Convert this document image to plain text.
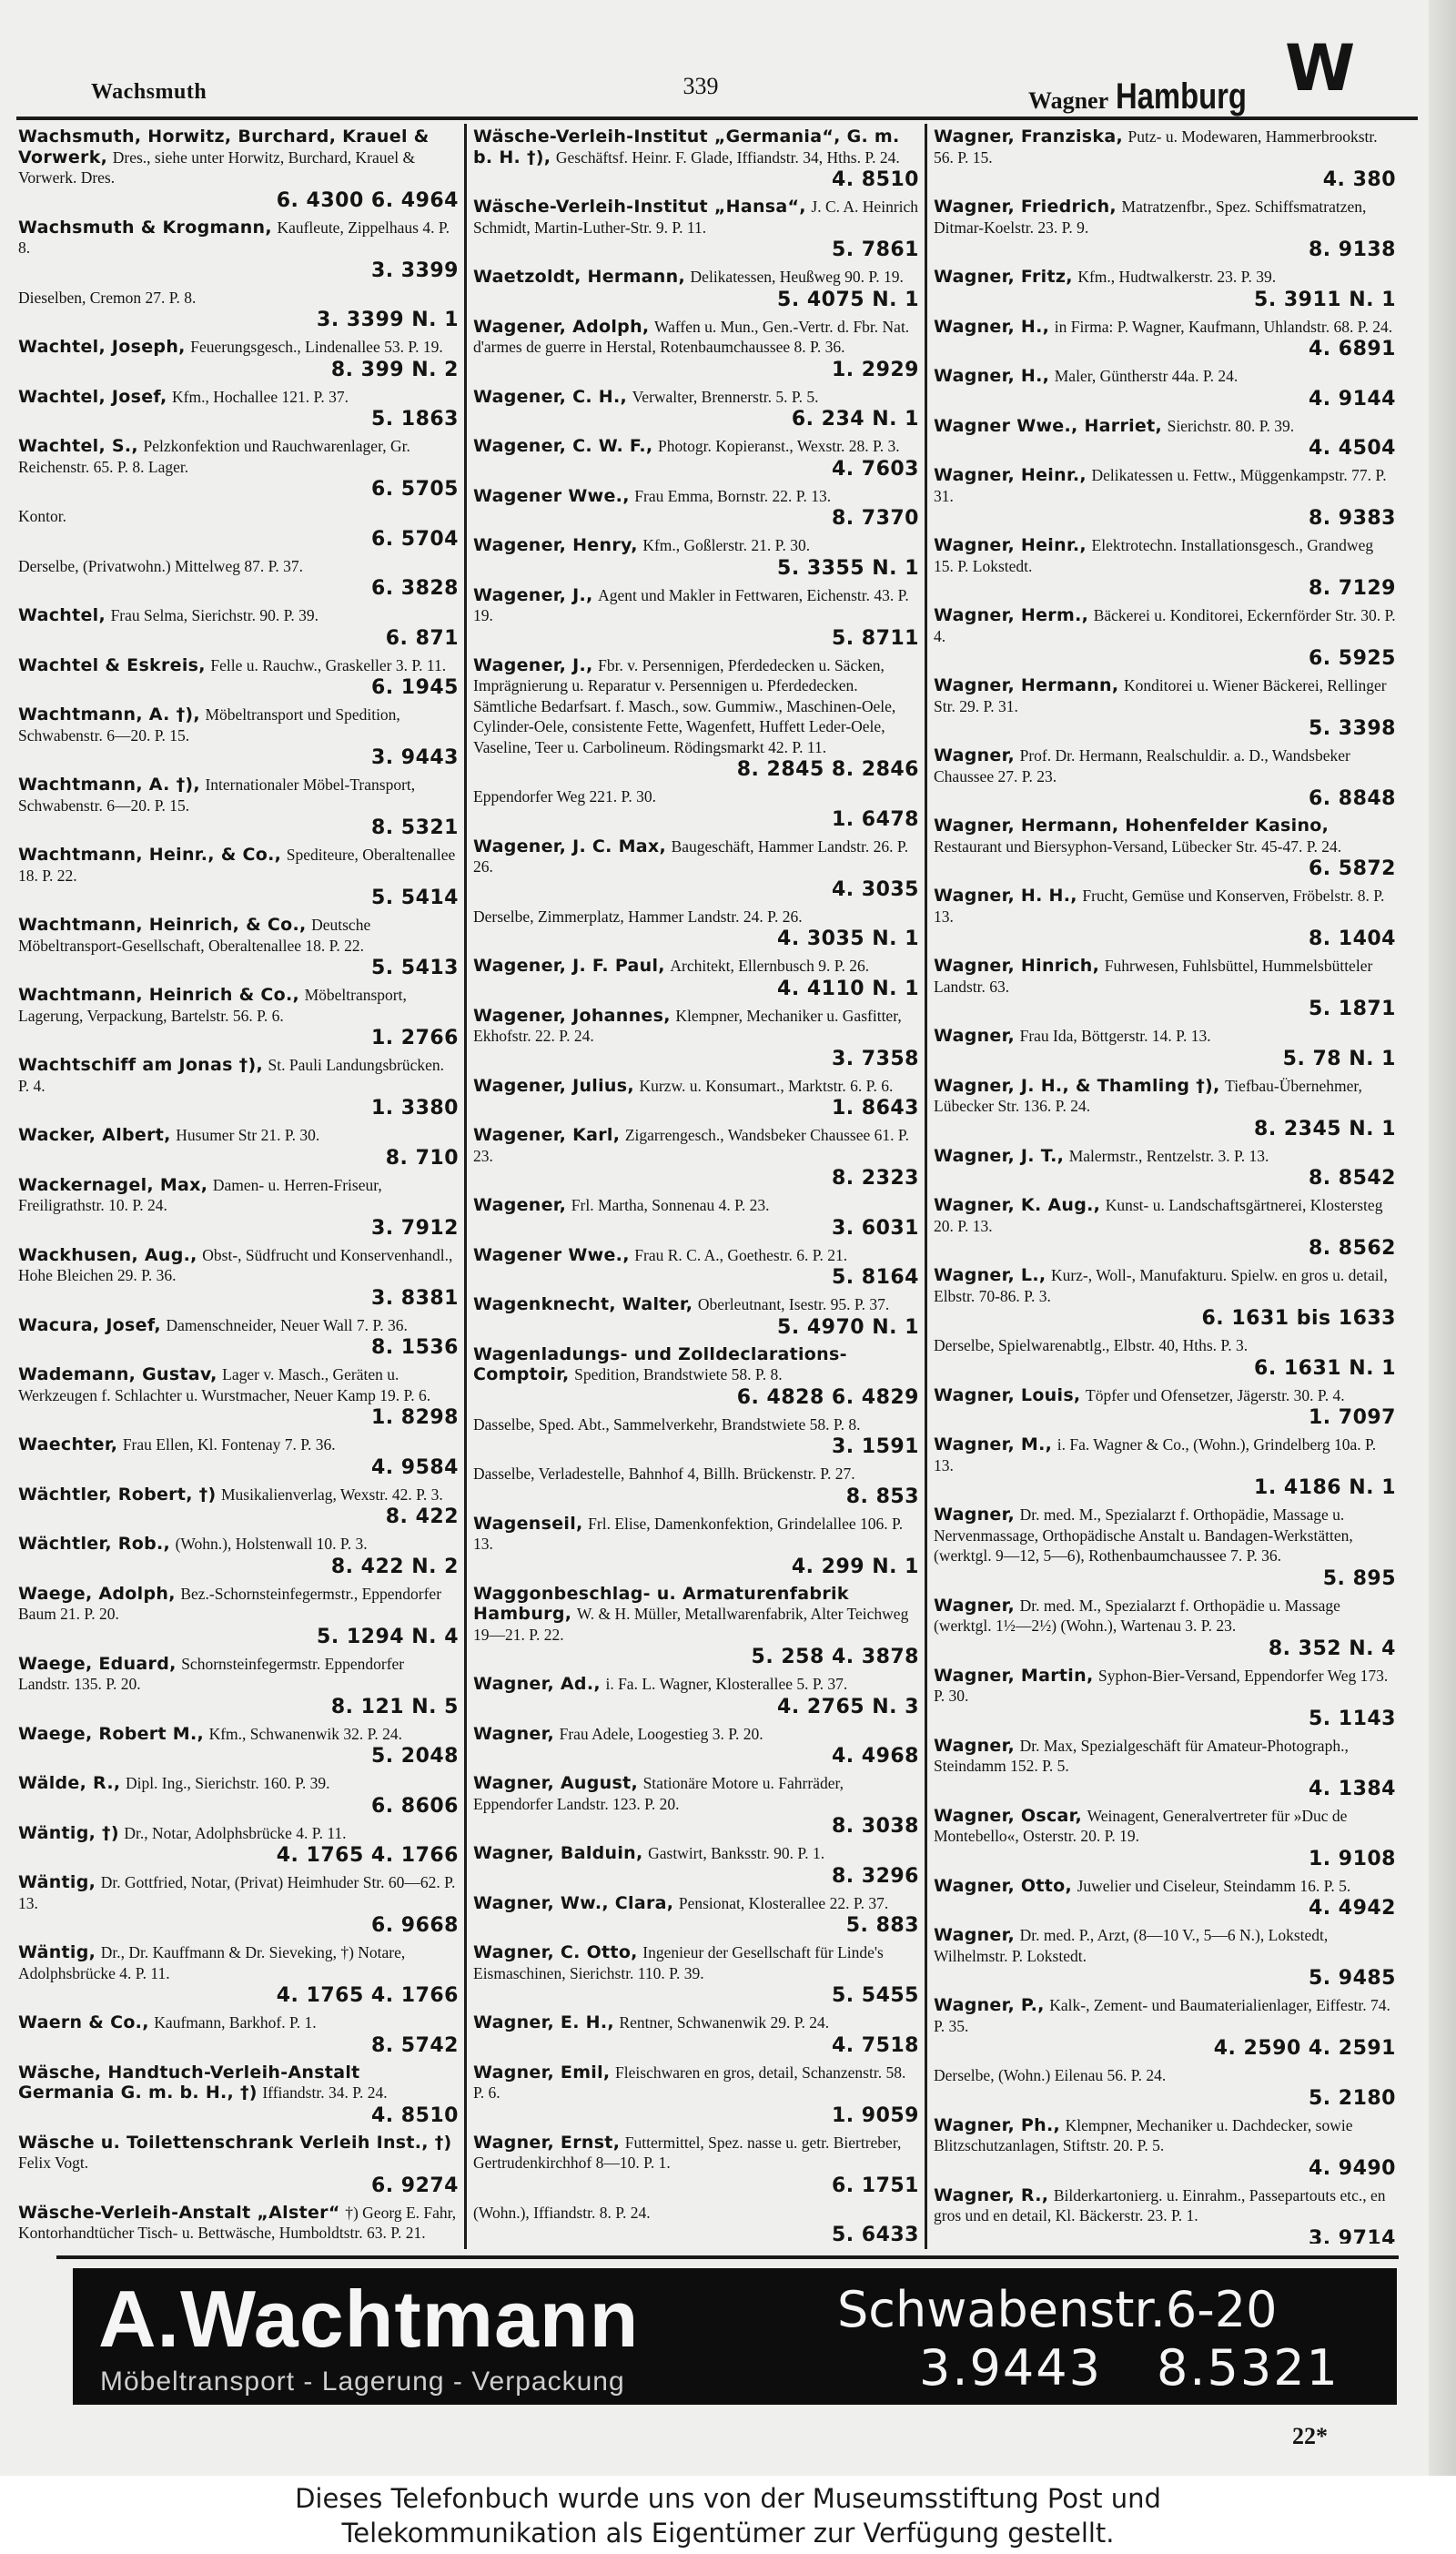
Wachsmuth	339
Wagner Hamburg W
Wachsmuth, Horwitz, Burchard, Krauel & Vorwerk, Dres., siehe unter Horwitz, Burchard, Krauel & Vorwerk. Dres.
6. 4300 6. 4964
Wachsmuth & Krogmann, Kaufleute, Zippelhaus 4. P. 8.
3. 3399
Dieselben, Cremon 27. P. 8.
3. 3399 N. 1
Wachtel, Joseph, Feuerungsgesch., Lindenallee 53. P. 19.
8. 399 N. 2
Wachtel, Josef, Kfm., Hochallee 121. P. 37.
5. 1863
Wachtel, S., Pelzkonfektion und Rauchwarenlager, Gr. Reichenstr. 65. P. 8. Lager.
6. 5705
Kontor.
6. 5704
Derselbe, (Privatwohn.) Mittelweg 87. P. 37.
6. 3828
Wachtel, Frau Selma, Sierichstr. 90. P. 39.
6. 871
Wachtel & Eskreis, Felle u. Rauchw., Graskeller 3. P. 11.
6. 1945
Wachtmann, A. †), Möbeltransport und Spedition, Schwabenstr. 6—20. P. 15.
3. 9443
Wachtmann, A. †), Internationaler Möbel-Transport, Schwabenstr. 6—20. P. 15.
8. 5321
Wachtmann, Heinr., & Co., Spediteure, Oberaltenallee 18. P. 22.
5. 5414
Wachtmann, Heinrich, & Co., Deutsche Möbeltransport-Gesellschaft, Oberaltenallee 18. P. 22.
5. 5413
Wachtmann, Heinrich & Co., Möbeltransport, Lagerung, Verpackung, Bartelstr. 56. P. 6.
1. 2766
Wachtschiff am Jonas †), St. Pauli Landungsbrücken. P. 4.
1. 3380
Wacker, Albert, Husumer Str 21. P. 30.
8. 710
Wackernagel, Max, Damen- u. Herren-Friseur, Freiligrathstr. 10. P. 24.
3. 7912
Wackhusen, Aug., Obst-, Südfrucht und Konservenhandl., Hohe Bleichen 29. P. 36.
3. 8381
Wacura, Josef, Damenschneider, Neuer Wall 7. P. 36.
8. 1536
Wademann, Gustav, Lager v. Masch., Geräten u. Werkzeugen f. Schlachter u. Wurstmacher, Neuer Kamp 19. P. 6.
1. 8298
Waechter, Frau Ellen, Kl. Fontenay 7. P. 36.
4. 9584
Wächtler, Robert, †) Musikalienverlag, Wexstr. 42. P. 3.
8. 422
Wächtler, Rob., (Wohn.), Holstenwall 10. P. 3.
8. 422 N. 2
Waege, Adolph, Bez.-Schornsteinfegermstr., Eppendorfer Baum 21. P. 20.
5. 1294 N. 4
Waege, Eduard, Schornsteinfegermstr. Eppendorfer Landstr. 135. P. 20.
8. 121 N. 5
Waege, Robert M., Kfm., Schwanenwik 32. P. 24.
5. 2048
Wälde, R., Dipl. Ing., Sierichstr. 160. P. 39.
6. 8606
Wäntig, †) Dr., Notar, Adolphsbrücke 4. P. 11.
4. 1765 4. 1766
Wäntig, Dr. Gottfried, Notar, (Privat) Heimhuder Str. 60—62. P. 13.
6. 9668
Wäntig, Dr., Dr. Kauffmann & Dr. Sieveking, †) Notare, Adolphsbrücke 4. P. 11.
4. 1765 4. 1766
Waern & Co., Kaufmann, Barkhof. P. 1.
8. 5742
Wäsche, Handtuch-Verleih-Anstalt Germania G. m. b. H., †) Iffiandstr. 34. P. 24.
4. 8510
Wäsche u. Toilettenschrank Verleih Inst., †) Felix Vogt.
6. 9274
Wäsche-Verleih-Anstalt „Alster“ †) Georg E. Fahr, Kontorhandtücher Tisch- u. Bettwäsche, Humboldtstr. 63. P. 21.
Wäsche-Verleih-Institut „Germania“, G. m. b. H. †), Geschäftsf. Heinr. F. Glade, Iffiandstr. 34, Hths. P. 24.
4. 8510
Wäsche-Verleih-Institut „Hansa“, J. C. A. Heinrich Schmidt, Martin-Luther-Str. 9. P. 11.
5. 7861
Waetzoldt, Hermann, Delikatessen, Heußweg 90. P. 19.
5. 4075 N. 1
Wagener, Adolph, Waffen u. Mun., Gen.-Vertr. d. Fbr. Nat. d'armes de guerre in Herstal, Rotenbaumchaussee 8. P. 36.
1. 2929
Wagener, C. H., Verwalter, Brennerstr. 5. P. 5.
6. 234 N. 1
Wagener, C. W. F., Photogr. Kopieranst., Wexstr. 28. P. 3.
4. 7603
Wagener Wwe., Frau Emma, Bornstr. 22. P. 13.
8. 7370
Wagener, Henry, Kfm., Goßlerstr. 21. P. 30.
5. 3355 N. 1
Wagener, J., Agent und Makler in Fettwaren, Eichenstr. 43. P. 19.
5. 8711
Wagener, J., Fbr. v. Persennigen, Pferdedecken u. Säcken, Imprägnierung u. Reparatur v. Persennigen u. Pferdedecken. Sämtliche Bedarfsart. f. Masch., sow. Gummiw., Maschinen-Oele, Cylinder-Oele, consistente Fette, Wagenfett, Huffett Leder-Oele, Vaseline, Teer u. Carbolineum. Rödingsmarkt 42. P. 11.
8. 2845 8. 2846
Eppendorfer Weg 221. P. 30.
1. 6478
Wagener, J. C. Max, Baugeschäft, Hammer Landstr. 26. P. 26.
4. 3035
Derselbe, Zimmerplatz, Hammer Landstr. 24. P. 26.
4. 3035 N. 1
Wagener, J. F. Paul, Architekt, Ellernbusch 9. P. 26.
4. 4110 N. 1
Wagener, Johannes, Klempner, Mechaniker u. Gasfitter, Ekhofstr. 22. P. 24.
3. 7358
Wagener, Julius, Kurzw. u. Konsumart., Marktstr. 6. P. 6.
1. 8643
Wagener, Karl, Zigarrengesch., Wandsbeker Chaussee 61. P. 23.
8. 2323
Wagener, Frl. Martha, Sonnenau 4. P. 23.
3. 6031
Wagener Wwe., Frau R. C. A., Goethestr. 6. P. 21.
5. 8164
Wagenknecht, Walter, Oberleutnant, Isestr. 95. P. 37.
5. 4970 N. 1
Wagenladungs- und Zolldeclarations-Comptoir, Spedition, Brandstwiete 58. P. 8.
6. 4828 6. 4829
Dasselbe, Sped. Abt., Sammelverkehr, Brandstwiete 58. P. 8.
3. 1591
Dasselbe, Verladestelle, Bahnhof 4, Billh. Brückenstr. P. 27.
8. 853
Wagenseil, Frl. Elise, Damenkonfektion, Grindelallee 106. P. 13.
4. 299 N. 1
Waggonbeschlag- u. Armaturenfabrik Hamburg, W. & H. Müller, Metallwarenfabrik, Alter Teichweg 19—21. P. 22.
5. 258 4. 3878
Wagner, Ad., i. Fa. L. Wagner, Klosterallee 5. P. 37.
4. 2765 N. 3
Wagner, Frau Adele, Loogestieg 3. P. 20.
4. 4968
Wagner, August, Stationäre Motore u. Fahrräder, Eppendorfer Landstr. 123. P. 20.
8. 3038
Wagner, Balduin, Gastwirt, Banksstr. 90. P. 1.
8. 3296
Wagner, Ww., Clara, Pensionat, Klosterallee 22. P. 37.
5. 883
Wagner, C. Otto, Ingenieur der Gesellschaft für Linde's Eismaschinen, Sierichstr. 110. P. 39.
5. 5455
Wagner, E. H., Rentner, Schwanenwik 29. P. 24.
4. 7518
Wagner, Emil, Fleischwaren en gros, detail, Schanzenstr. 58. P. 6.
1. 9059
Wagner, Ernst, Futtermittel, Spez. nasse u. getr. Biertreber, Gertrudenkirchhof 8—10. P. 1.
6. 1751
(Wohn.), Iffiandstr. 8. P. 24.
5. 6433
Wagner, Franziska, Putz- u. Modewaren, Hammerbrookstr. 56. P. 15.
4. 380
Wagner, Friedrich, Matratzenfbr., Spez. Schiffsmatratzen, Ditmar-Koelstr. 23. P. 9.
8. 9138
Wagner, Fritz, Kfm., Hudtwalkerstr. 23. P. 39.
5. 3911 N. 1
Wagner, H., in Firma: P. Wagner, Kaufmann, Uhlandstr. 68. P. 24.
4. 6891
Wagner, H., Maler, Güntherstr 44a. P. 24.
4. 9144
Wagner Wwe., Harriet, Sierichstr. 80. P. 39.
4. 4504
Wagner, Heinr., Delikatessen u. Fettw., Müggenkampstr. 77. P. 31.
8. 9383
Wagner, Heinr., Elektrotechn. Installationsgesch., Grandweg 15. P. Lokstedt.
8. 7129
Wagner, Herm., Bäckerei u. Konditorei, Eckernförder Str. 30. P. 4.
6. 5925
Wagner, Hermann, Konditorei u. Wiener Bäckerei, Rellinger Str. 29. P. 31.
5. 3398
Wagner, Prof. Dr. Hermann, Realschuldir. a. D., Wandsbeker Chaussee 27. P. 23.
6. 8848
Wagner, Hermann, Hohenfelder Kasino, Restaurant und Biersyphon-Versand, Lübecker Str. 45-47. P. 24.
6. 5872
Wagner, H. H., Frucht, Gemüse und Konserven, Fröbelstr. 8. P. 13.
8. 1404
Wagner, Hinrich, Fuhrwesen, Fuhlsbüttel, Hummelsbütteler Landstr. 63.
5. 1871
Wagner, Frau Ida, Böttgerstr. 14. P. 13.
5. 78 N. 1
Wagner, J. H., & Thamling †), Tiefbau-Übernehmer, Lübecker Str. 136. P. 24.
8. 2345 N. 1
Wagner, J. T., Malermstr., Rentzelstr. 3. P. 13.
8. 8542
Wagner, K. Aug., Kunst- u. Landschaftsgärtnerei, Klostersteg 20. P. 13.
8. 8562
Wagner, L., Kurz-, Woll-, Manufakturu. Spielw. en gros u. detail, Elbstr. 70-86. P. 3.
6. 1631 bis 1633
Derselbe, Spielwarenabtlg., Elbstr. 40, Hths. P. 3.
6. 1631 N. 1
Wagner, Louis, Töpfer und Ofensetzer, Jägerstr. 30. P. 4.
1. 7097
Wagner, M., i. Fa. Wagner & Co., (Wohn.), Grindelberg 10a. P. 13.
1. 4186 N. 1
Wagner, Dr. med. M., Spezialarzt f. Orthopädie, Massage u. Nervenmassage, Orthopädische Anstalt u. Bandagen-Werkstätten, (werktgl. 9—12, 5—6), Rothenbaumchaussee 7. P. 36.
5. 895
Wagner, Dr. med. M., Spezialarzt f. Orthopädie u. Massage (werktgl. 1½—2½) (Wohn.), Wartenau 3. P. 23.
8. 352 N. 4
Wagner, Martin, Syphon-Bier-Versand, Eppendorfer Weg 173. P. 30.
5. 1143
Wagner, Dr. Max, Spezialgeschäft für Amateur-Photograph., Steindamm 152. P. 5.
4. 1384
Wagner, Oscar, Weinagent, Generalvertreter für »Duc de Montebello«, Osterstr. 20. P. 19.
1. 9108
Wagner, Otto, Juwelier und Ciseleur, Steindamm 16. P. 5.
4. 4942
Wagner, Dr. med. P., Arzt, (8—10 V., 5—6 N.), Lokstedt, Wilhelmstr. P. Lokstedt.
5. 9485
Wagner, P., Kalk-, Zement- und Baumaterialienlager, Eiffestr. 74. P. 35.
4. 2590 4. 2591
Derselbe, (Wohn.) Eilenau 56. P. 24.
5. 2180
Wagner, Ph., Klempner, Mechaniker u. Dachdecker, sowie Blitzschutzanlagen, Stiftstr. 20. P. 5.
4. 9490
Wagner, R., Bilderkartonierg. u. Einrahm., Passepartouts etc., en gros und en detail, Kl. Bäckerstr. 23. P. 1.
3. 9714
A.Wachtmann
Möbeltransport - Lagerung - Verpackung
Schwabenstr.6-20
3.9443 8.5321
22*
Dieses Telefonbuch wurde uns von der Museumsstiftung Post und
Telekommunikation als Eigentümer zur Verfügung gestellt.
